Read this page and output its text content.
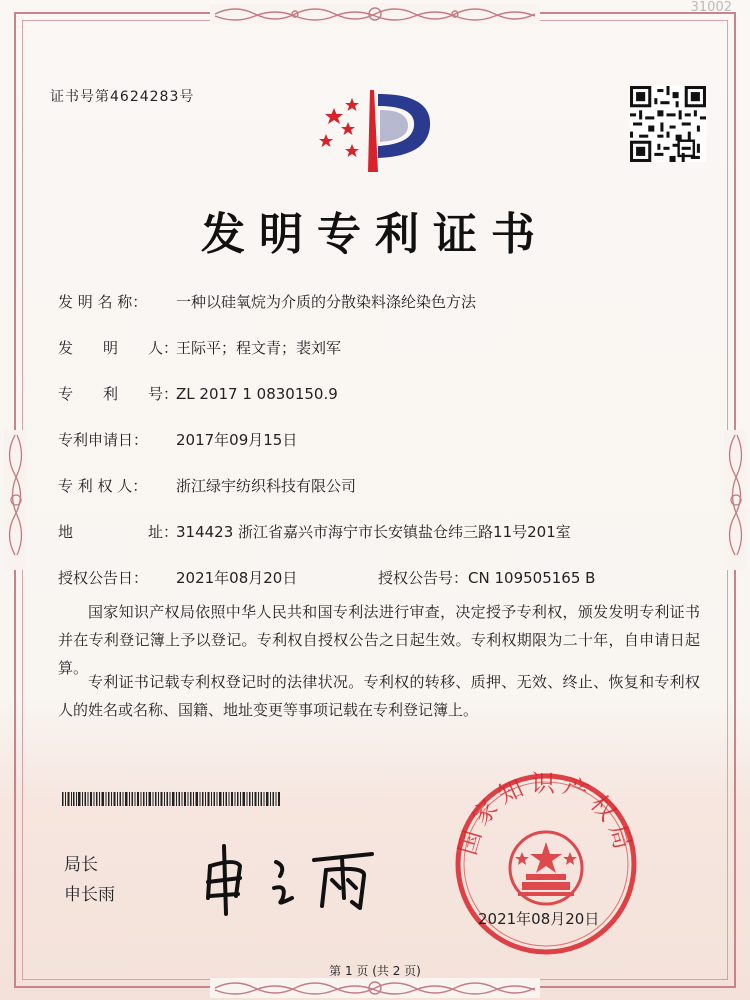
31002
证书号第4624283号
发明专利证书
发 明 名 称： 一种以硅氧烷为介质的分散染料涤纶染色方法
发　　明　　人：王际平；程文青；裴刘军
专　　利　　号：ZL 2017 1 0830150.9
专利申请日： 2017年09月15日
专 利 权 人： 浙江绿宇纺织科技有限公司
地　　　　　址：314423 浙江省嘉兴市海宁市长安镇盐仓纬三路11号201室
授权公告日： 2021年08月20日	授权公告号：CN 109505165 B
国家知识产权局依照中华人民共和国专利法进行审查，决定授予专利权，颁发发明专利证书并在专利登记簿上予以登记。专利权自授权公告之日起生效。专利权期限为二十年，自申请日起算。
专利证书记载专利权登记时的法律状况。专利权的转移、质押、无效、终止、恢复和专利权人的姓名或名称、国籍、地址变更等事项记载在专利登记簿上。
局长
申长雨
国家知识产权局
2021年08月20日
第 1 页 (共 2 页)
